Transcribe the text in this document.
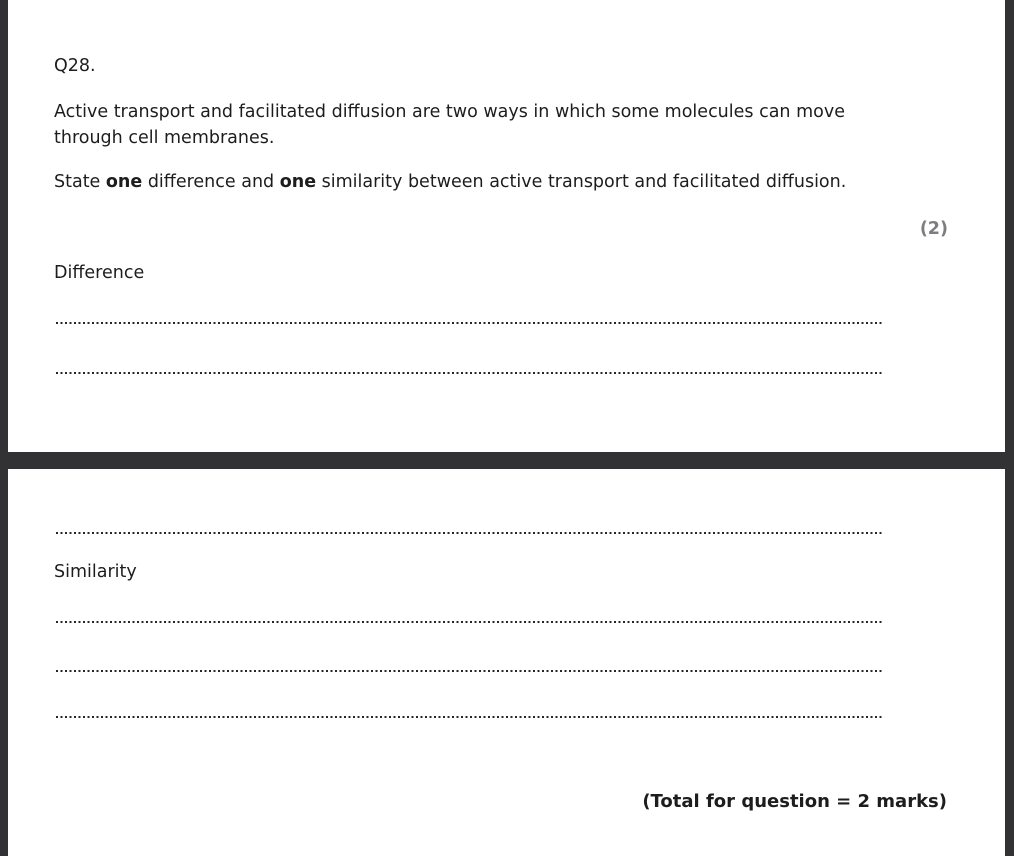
Q28.
Active transport and facilitated diffusion are two ways in which some molecules can move
through cell membranes.
State one difference and one similarity between active transport and facilitated diffusion.
(2)
Difference
Similarity
(Total for question = 2 marks)
